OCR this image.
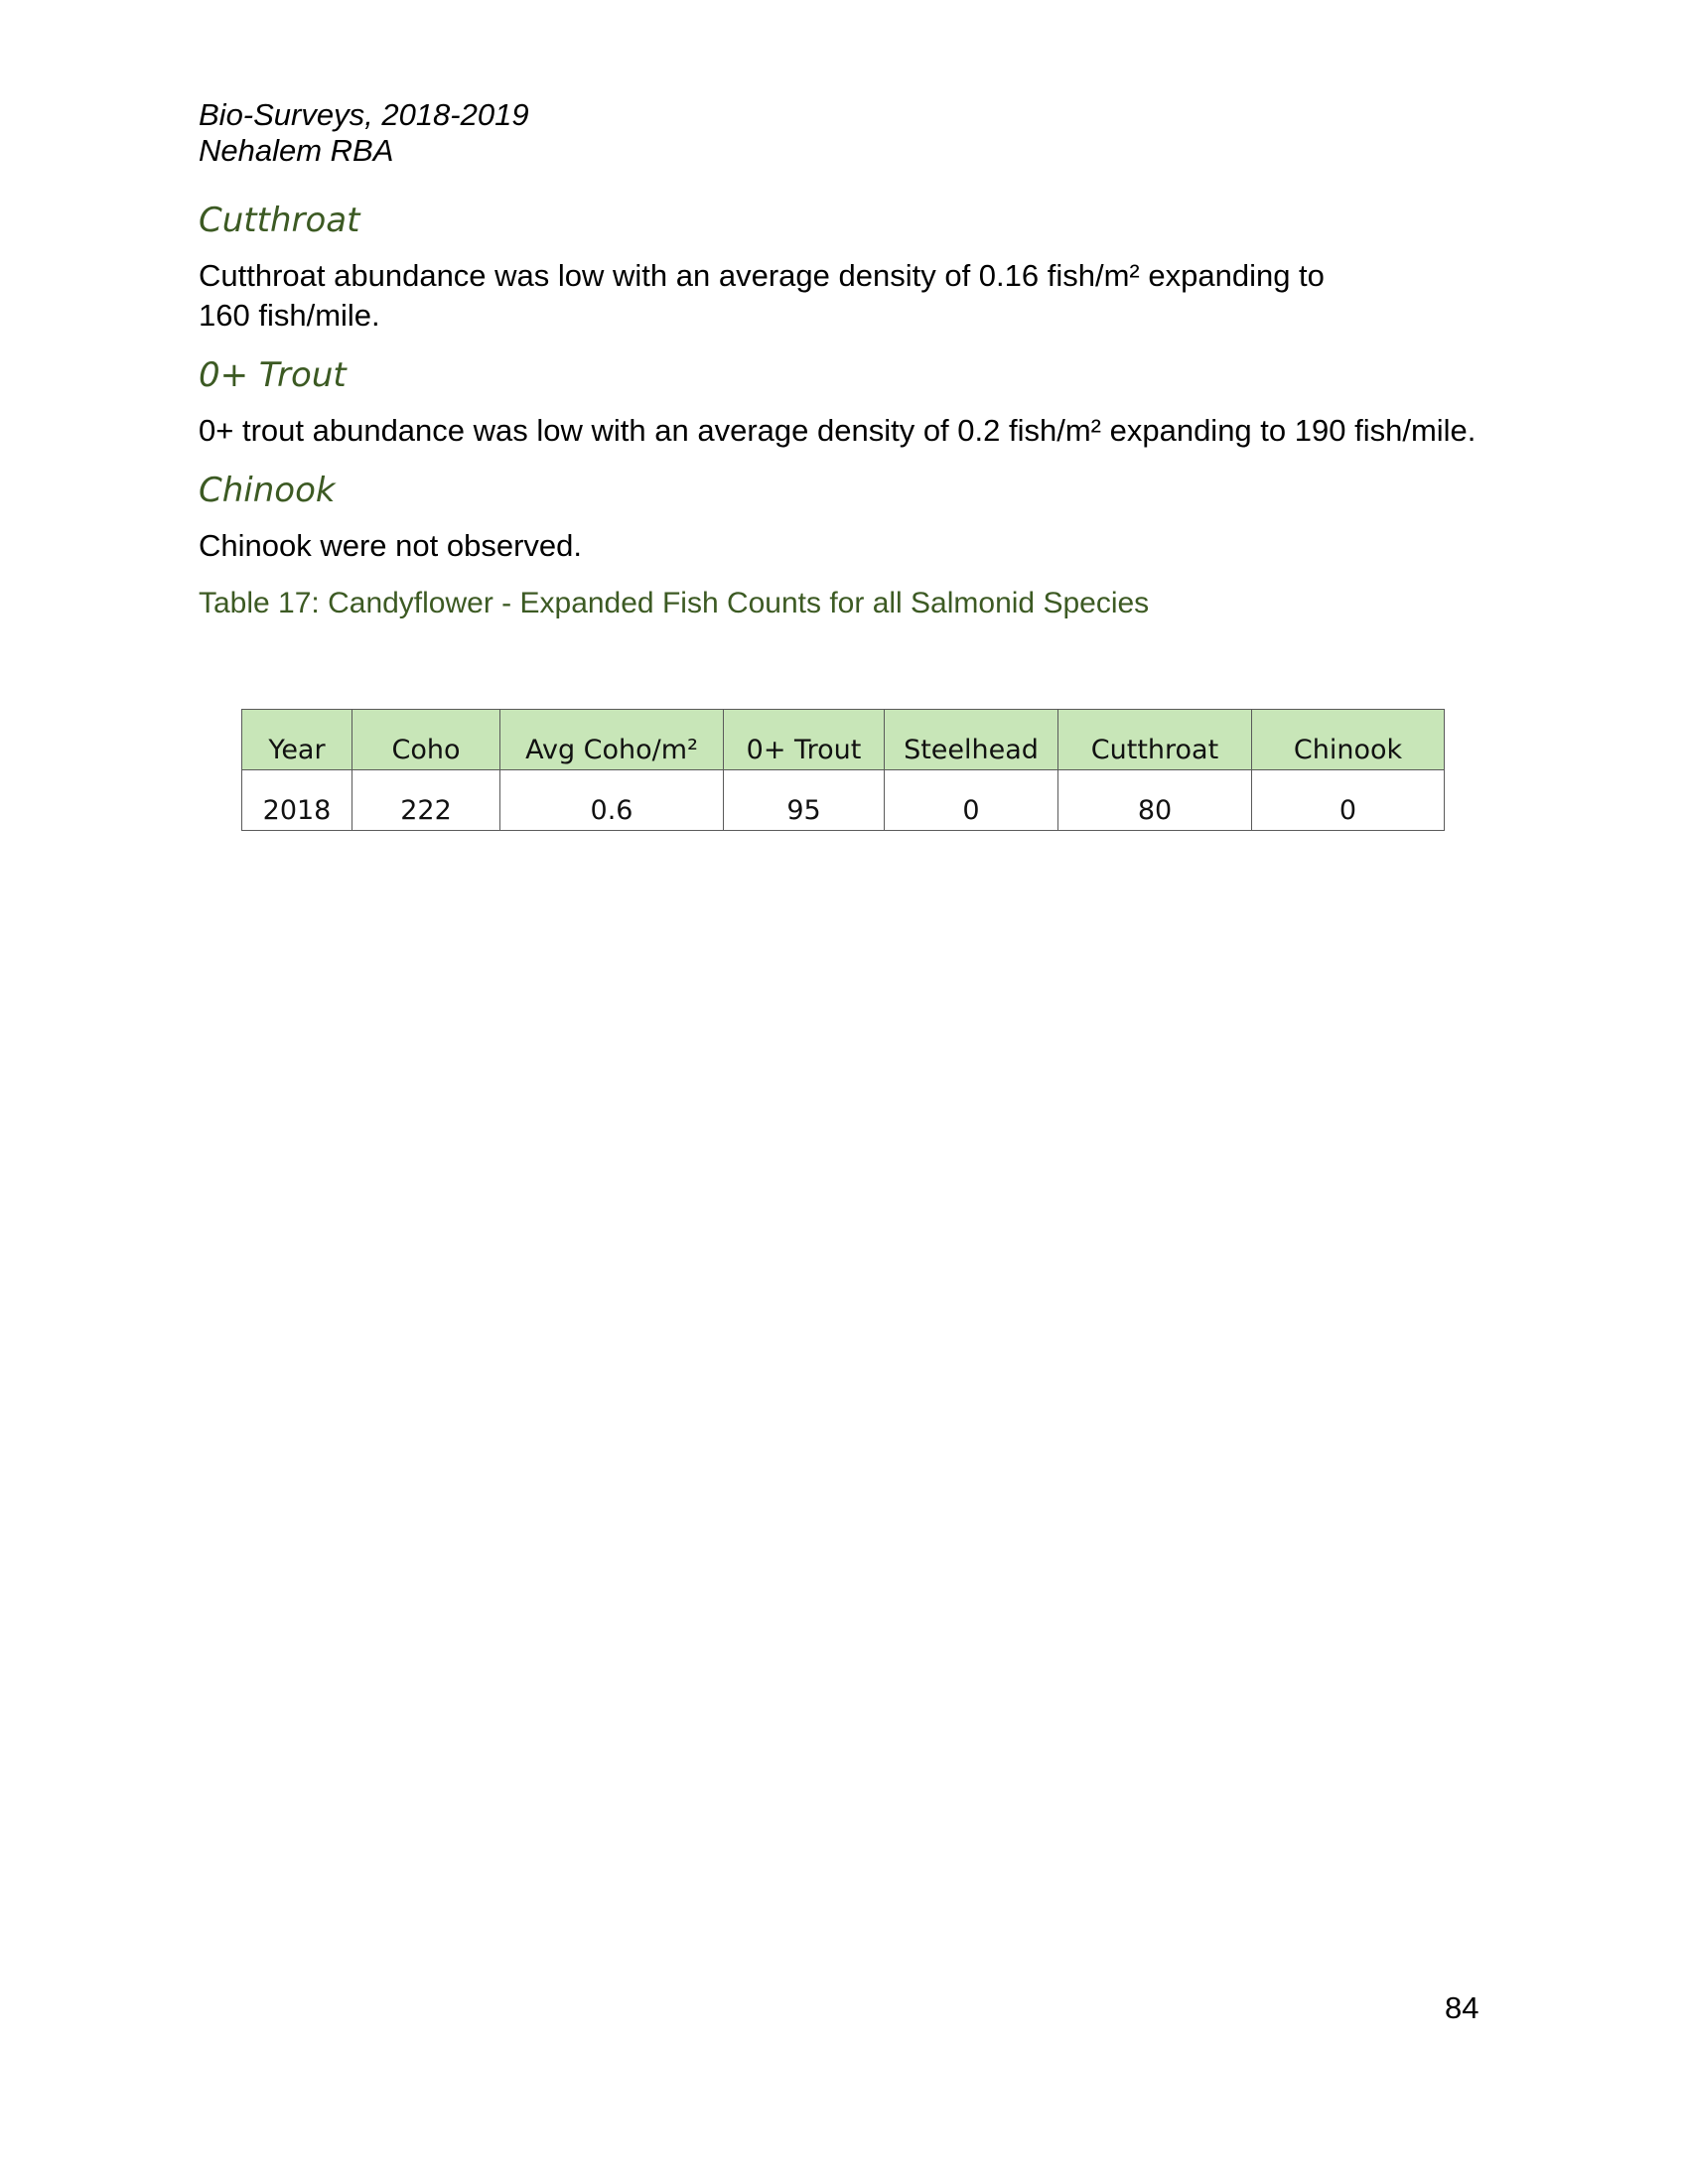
Bio-Surveys, 2018-2019
Nehalem RBA
Cutthroat

Cutthroat abundance was low with an average density of 0.16 fish/m² expanding to 160 fish/mile.

0+ Trout

0+ trout abundance was low with an average density of 0.2 fish/m² expanding to 190 fish/mile.

Chinook

Chinook were not observed.

Table 17: Candyflower - Expanded Fish Counts for all Salmonid Species

Year	Coho	Avg Coho/m²	0+ Trout	Steelhead	Cutthroat	Chinook
2018	222	0.6	95	0	80	0
84
